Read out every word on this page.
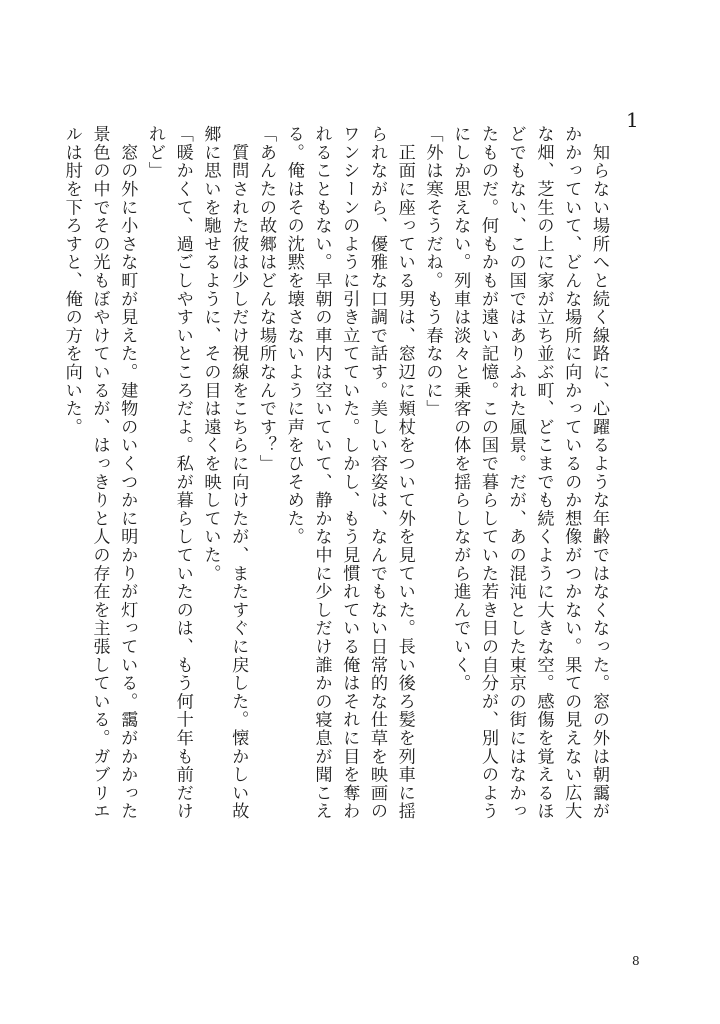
1

　知らない場所へと続く線路に、心躍るような年齢ではなくなった。窓の外は朝靄が
かかっていて、どんな場所に向かっているのか想像がつかない。果ての見えない広大
な畑、芝生の上に家が立ち並ぶ町、どこまでも続くように大きな空。感傷を覚えるほ
どでもない、この国ではありふれた風景。だが、あの混沌とした東京の街にはなかっ
たものだ。何もかもが遠い記憶。この国で暮らしていた若き日の自分が、別人のよう
にしか思えない。列車は淡々と乗客の体を揺らしながら進んでいく。

「外は寒そうだね。もう春なのに」

　正面に座っている男は、窓辺に頬杖をついて外を見ていた。長い後ろ髪を列車に揺
られながら、優雅な口調で話す。美しい容姿は、なんでもない日常的な仕草を映画の
ワンシーンのように引き立てていた。しかし、もう見慣れている俺はそれに目を奪わ
れることもない。早朝の車内は空いていて、静かな中に少しだけ誰かの寝息が聞こえ
る。俺はその沈黙を壊さないように声をひそめた。

「あんたの故郷はどんな場所なんです？」

　質問された彼は少しだけ視線をこちらに向けたが、またすぐに戻した。懐かしい故
郷に思いを馳せるように、その目は遠くを映していた。

「暖かくて、過ごしやすいところだよ。私が暮らしていたのは、もう何十年も前だけ
れど」

　窓の外に小さな町が見えた。建物のいくつかに明かりが灯っている。靄がかかった
景色の中でその光もぼやけているが、はっきりと人の存在を主張している。ガブリエ
ルは肘を下ろすと、俺の方を向いた。

8
